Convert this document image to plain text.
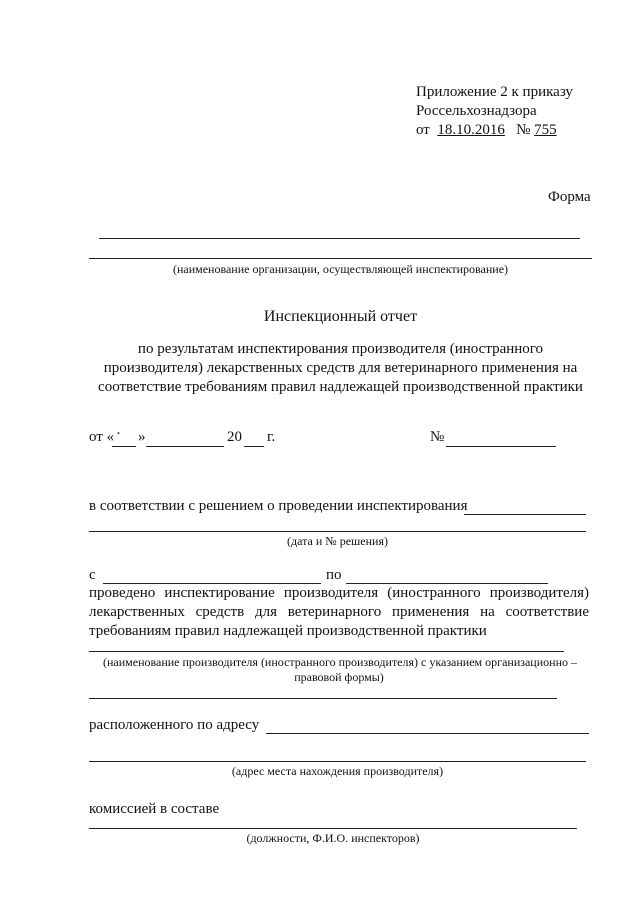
Приложение 2 к приказу
Россельхознадзора
от 18.10.2016 № 755
Форма
(наименование организации, осуществляющей инспектирование)
Инспекционный отчет
по результатам инспектирования производителя (иностранного
производителя) лекарственных средств для ветеринарного применения на
соответствие требованиям правил надлежащей производственной практики
от « · »	20 г.	№
в соответствии с решением о проведении инспектирования
(дата и № решения)
с	по
проведено инспектирование производителя (иностранного производителя)
лекарственных средств для ветеринарного применения на соответствие
требованиям правил надлежащей производственной практики
(наименование производителя (иностранного производителя) с указанием организационно –
правовой формы)
расположенного по адресу
(адрес места нахождения производителя)
комиссией в составе
(должности, Ф.И.О. инспекторов)
